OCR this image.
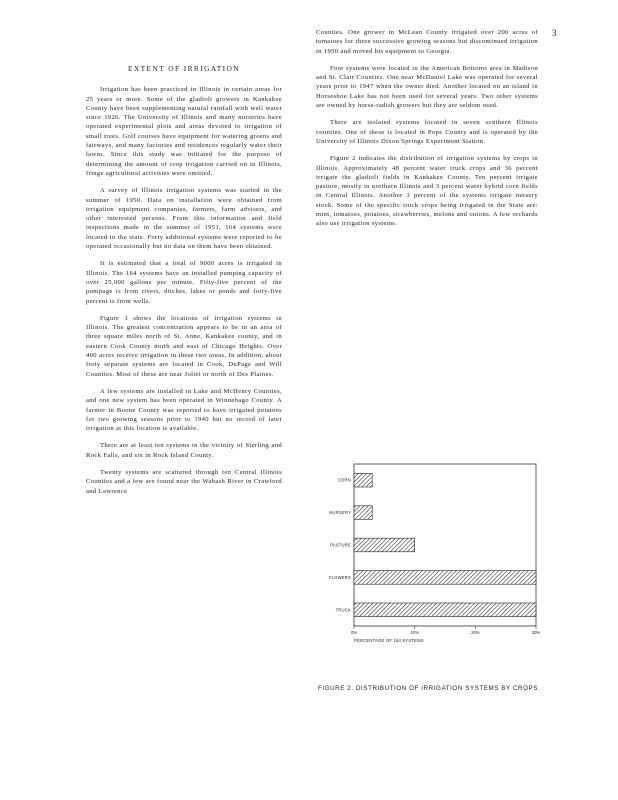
3

EXTENT OF IRRIGATION

Irrigation has been practiced in Illinois in certain areas for 25 years or more. Some of the gladioli growers in Kankakee County have been supplementing natural rainfall with well water since 1926. The University of Illinois and many nurseries have operated experimental plots and areas devoted to irrigation of small trees. Golf courses have equipment for watering greens and fairways, and many factories and residences regularly water their lawns. Since this study was initiated for the purpose of determining the amount of crop irrigation carried on in Illinois, fringe agricultural activities were omitted.

A survey of Illinois irrigation systems was started in the summer of 1950. Data on installation were obtained from irrigation equipment companies, farmers, farm advisers, and other interested persons. From this information and field inspections made in the summer of 1951, 164 systems were located in the state. Forty additional systems were reported to be operated occasionally but no data on them have been obtained.

It is estimated that a total of 9000 acres is irrigated in Illinois. The 164 systems have an installed pumping capacity of over 25,000 gallons per minute. Fifty-five percent of the pumpage is from rivers, ditches, lakes or ponds and forty-five percent is from wells.

Figure 1 shows the locations of irrigation systems in Illinois. The greatest concentration appears to be in an area of three square miles north of St. Anne, Kankakee county, and in eastern Cook County north and east of Chicago Heights. Over 400 acres receive irrigation in these two areas. In addition, about forty separate systems are located in Cook, DuPage and Will Counties. Most of these are near Joliet or north of Des Plaines.

A few systems are installed in Lake and McHenry Counties, and one new system has been operated in Winnebago County. A farmer in Boone County was reported to have irrigated potatoes for two growing seasons prior to 1940 but no record of later irrigation at this location is available.

There are at least ten systems in the vicinity of Sterling and Rock Falls, and six in Rock Island County.

Twenty systems are scattered through ten Central Illinois Counties and a few are found near the Wabash River in Crawford and Lawrence

Counties. One grower in McLean County irrigated over 200 acres of tomatoes for three successive growing seasons but discontinued irrigation in 1950 and moved his equipment to Georgia.

Four systems were located in the American Bottoms area in Madison and St. Clair Counties. One near McDaniel Lake was operated for several years prior to 1947 when the owner died. Another located on an island in Horseshoe Lake has not been used for several years. Two other systems are owned by horse-radish growers but they are seldom used.

There are isolated systems located in seven southern Illinois counties. One of these is located in Pope County and is operated by the University of Illinois Dixon Springs Experiment Station.

Figure 2 indicates the distribution of irrigation systems by crops in Illinois. Approximately 48 percent water truck crops and 36 percent irrigate the gladioli fields in Kankakee County. Ten percent irrigate pasture, mostly in northern Illinois and 3 percent water hybrid corn fields in Central Illinois. Another 3 percent of the systems irrigate nursery stock. Some of the specific truck crops being irrigated in the State are: mint, tomatoes, potatoes, strawberries, melons and onions. A few orchards also use irrigation systems.

0%	10%	20%	30%
CORN
NURSERY
PASTURE
FLOWERS
TRUCK
PERCENTAGE OF 164 SYSTEMS
FIGURE 2. DISTRIBUTION OF IRRIGATION SYSTEMS BY CROPS.
